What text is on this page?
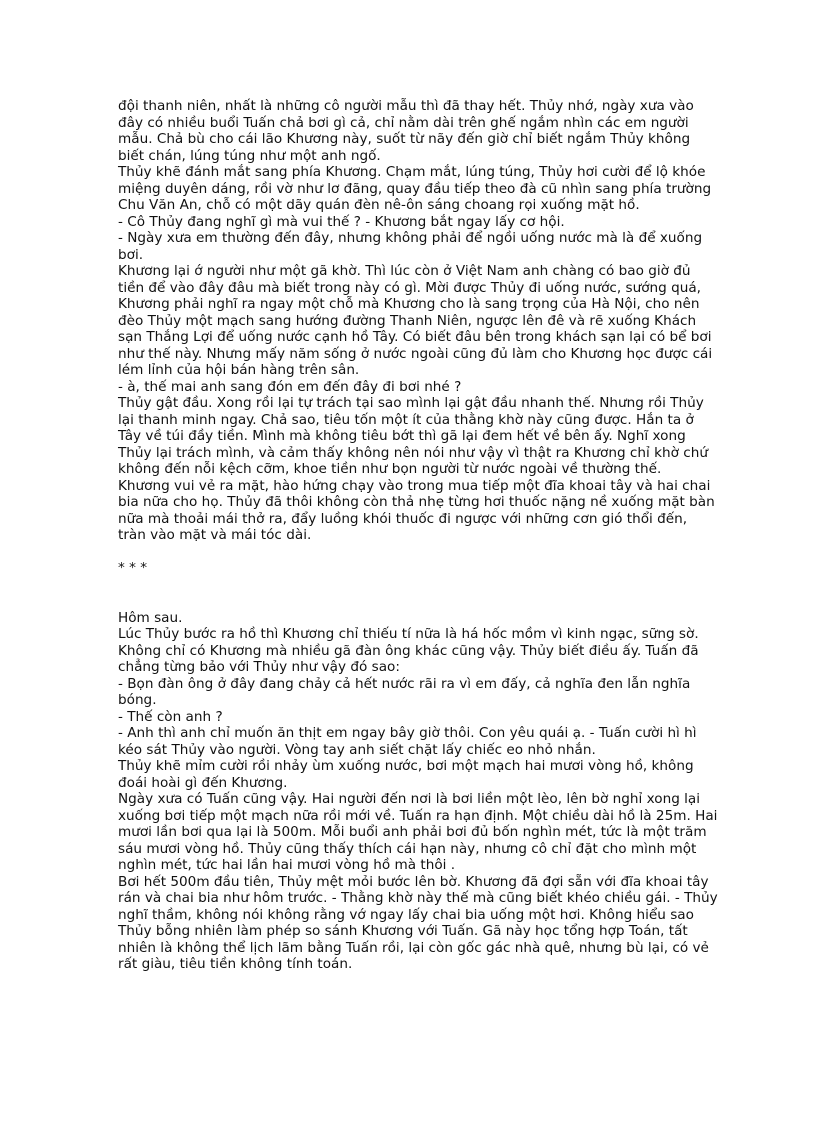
đội thanh niên, nhất là những cô người mẫu thì đã thay hết. Thủy nhớ, ngày xưa vào đây có nhiều buổi Tuấn chả bơi gì cả, chỉ nằm dài trên ghế ngắm nhìn các em người mẫu. Chả bù cho cái lão Khương này, suốt từ nãy đến giờ chỉ biết ngắm Thủy không biết chán, lúng túng như một anh ngố.

Thủy khẽ đánh mắt sang phía Khương. Chạm mắt, lúng túng, Thủy hơi cười để lộ khóe miệng duyên dáng, rồi vờ như lơ đãng, quay đầu tiếp theo đà cũ nhìn sang phía trường Chu Văn An, chỗ có một dãy quán đèn nê-ôn sáng choang rọi xuống mặt hồ.

- Cô Thủy đang nghĩ gì mà vui thế ? - Khương bắt ngay lấy cơ hội.

- Ngày xưa em thường đến đây, nhưng không phải để ngồi uống nước mà là để xuống bơi.

Khương lại ớ người như một gã khờ. Thì lúc còn ở Việt Nam anh chàng có bao giờ đủ tiền để vào đây đâu mà biết trong này có gì. Mời được Thủy đi uống nước, sướng quá, Khương phải nghĩ ra ngay một chỗ mà Khương cho là sang trọng của Hà Nội, cho nên đèo Thủy một mạch sang hướng đường Thanh Niên, ngược lên đê và rẽ xuống Khách sạn Thắng Lợi để uống nước cạnh hồ Tây. Có biết đâu bên trong khách sạn lại có bể bơi như thế này. Nhưng mấy năm sống ở nước ngoài cũng đủ làm cho Khương học được cái lém lỉnh của hội bán hàng trên sân.

- à, thế mai anh sang đón em đến đây đi bơi nhé ?

Thủy gật đầu. Xong rồi lại tự trách tại sao mình lại gật đầu nhanh thế. Nhưng rồi Thủy lại thanh minh ngay. Chả sao, tiêu tốn một ít của thằng khờ này cũng được. Hắn ta ở Tây về túi đầy tiền. Mình mà không tiêu bớt thì gã lại đem hết về bên ấy. Nghĩ xong Thủy lại trách mình, và cảm thấy không nên nói như vậy vì thật ra Khương chỉ khờ chứ không đến nỗi kệch cỡm, khoe tiền như bọn người từ nước ngoài về thường thế.

Khương vui vẻ ra mặt, hào hứng chạy vào trong mua tiếp một đĩa khoai tây và hai chai bia nữa cho họ. Thủy đã thôi không còn thả nhẹ từng hơi thuốc nặng nề xuống mặt bàn nữa mà thoải mái thở ra, đẩy luồng khói thuốc đi ngược với những cơn gió thổi đến, tràn vào mặt và mái tóc dài.

* * *

Hôm sau.

Lúc Thủy bước ra hồ thì Khương chỉ thiếu tí nữa là há hốc mồm vì kinh ngạc, sững sờ. Không chỉ có Khương mà nhiều gã đàn ông khác cũng vậy. Thủy biết điều ấy. Tuấn đã chẳng từng bảo với Thủy như vậy đó sao:

- Bọn đàn ông ở đây đang chảy cả hết nước rãi ra vì em đấy, cả nghĩa đen lẫn nghĩa bóng.

- Thế còn anh ?

- Anh thì anh chỉ muốn ăn thịt em ngay bây giờ thôi. Con yêu quái ạ. - Tuấn cười hì hì kéo sát Thủy vào người. Vòng tay anh siết chặt lấy chiếc eo nhỏ nhắn.

Thủy khẽ mỉm cười rồi nhảy ùm xuống nước, bơi một mạch hai mươi vòng hồ, không đoái hoài gì đến Khương.

Ngày xưa có Tuấn cũng vậy. Hai người đến nơi là bơi liền một lèo, lên bờ nghỉ xong lại xuống bơi tiếp một mạch nữa rồi mới về. Tuấn ra hạn định. Một chiều dài hồ là 25m. Hai mươi lần bơi qua lại là 500m. Mỗi buổi anh phải bơi đủ bốn nghìn mét, tức là một trăm sáu mươi vòng hồ. Thủy cũng thấy thích cái hạn này, nhưng cô chỉ đặt cho mình một nghìn mét, tức hai lần hai mươi vòng hồ mà thôi .

Bơi hết 500m đầu tiên, Thủy mệt mỏi bước lên bờ. Khương đã đợi sẵn với đĩa khoai tây rán và chai bia như hôm trước. - Thằng khờ này thế mà cũng biết khéo chiều gái. - Thủy nghĩ thầm, không nói không rằng vớ ngay lấy chai bia uống một hơi. Không hiểu sao Thủy bỗng nhiên làm phép so sánh Khương với Tuấn. Gã này học tổng hợp Toán, tất nhiên là không thể lịch lãm bằng Tuấn rồi, lại còn gốc gác nhà quê, nhưng bù lại, có vẻ rất giàu, tiêu tiền không tính toán.
